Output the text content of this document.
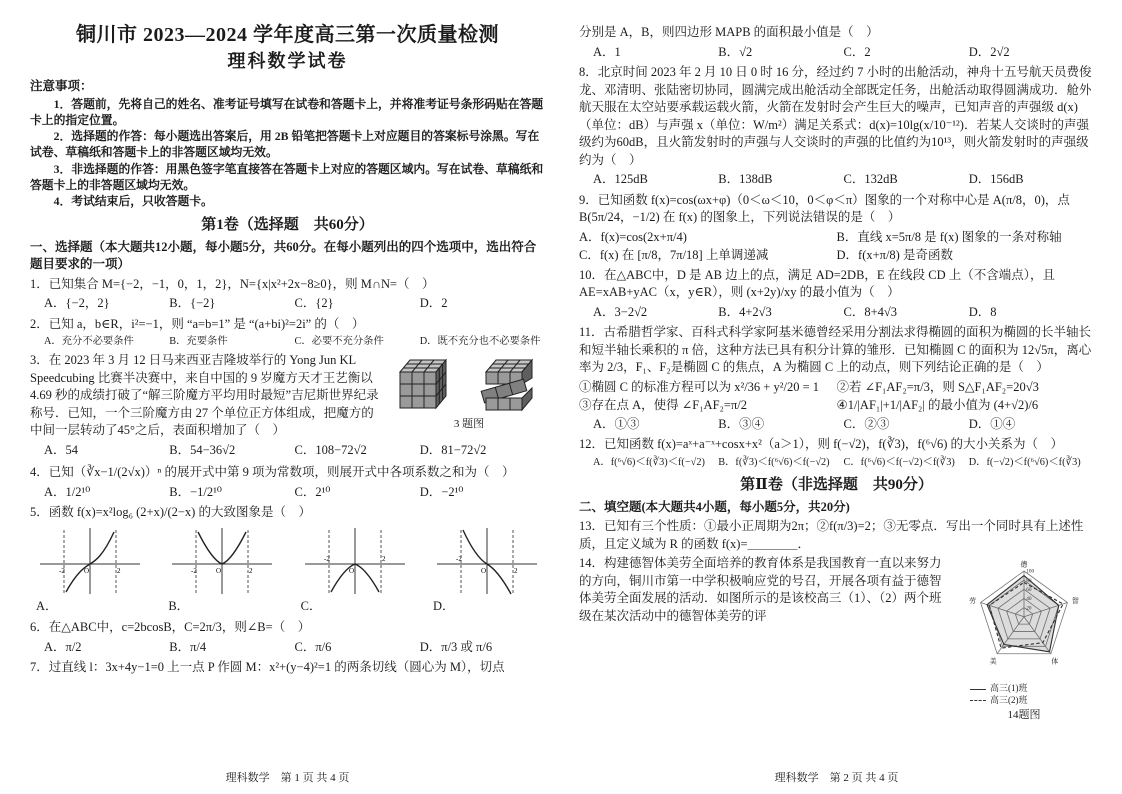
铜川市 2023—2024 学年度高三第一次质量检测
理科数学试卷
注意事项：

1．答题前，先将自己的姓名、准考证号填写在试卷和答题卡上，并将准考证号条形码贴在答题卡上的指定位置。

2．选择题的作答：每小题选出答案后，用 2B 铅笔把答题卡上对应题目的答案标号涂黑。写在试卷、草稿纸和答题卡上的非答题区域均无效。

3．非选择题的作答：用黑色签字笔直接答在答题卡上对应的答题区域内。写在试卷、草稿纸和答题卡上的非答题区域均无效。

4．考试结束后，只收答题卡。

第1卷（选择题　共60分）

一、选择题（本大题共12小题，每小题5分，共60分。在每小题列出的四个选项中，选出符合题目要求的一项）

1．已知集合 M={−2，−1，0，1，2}，N={x|x²+2x−8≥0}，则 M∩N=（　）

A．{−2，2}	B．{−2}	C．{2}	D．2

2．已知 a，b∈R，i²=−1，则 “a=b=1” 是 “(a+bi)²=2i” 的（　）

A．充分不必要条件	B．充要条件	C．必要不充分条件	D．既不充分也不必要条件
3 题图

3．在 2023 年 3 月 12 日马来西亚吉隆坡举行的 Yong Jun KL Speedcubing 比赛半决赛中，来自中国的 9 岁魔方天才王艺衡以 4.69 秒的成绩打破了“解三阶魔方平均用时最短”吉尼斯世界纪录称号．已知，一个三阶魔方由 27 个单位正方体组成，把魔方的中间一层转动了45°之后，表面积增加了（　）

A．54	B．54−36√2	C．108−72√2	D．81−72√2

4．已知（∛x−1/(2√x)）ⁿ 的展开式中第 9 项为常数项，则展开式中各项系数之和为（　）

A．1/2¹⁰	B．−1/2¹⁰	C．2¹⁰	D．−2¹⁰

5．函数 f(x)=x²log₆ (2+x)/(2−x) 的大致图象是（　）

-2	O	2
A．
-2	O	2
B．
-2
O
2
C．
-2
O	2
D．

6．在△ABC中，c=2bcosB，C=2π/3，则∠B=（　）

A．π/2	B．π/4	C．π/6	D．π/3 或 π/6

7．过直线 l：3x+4y−1=0 上一点 P 作圆 M：x²+(y−4)²=1 的两条切线（圆心为 M），切点

理科数学　第 1 页 共 4 页

分别是 A，B，则四边形 MAPB 的面积最小值是（　）

A．1	B．√2	C．2	D．2√2

8．北京时间 2023 年 2 月 10 日 0 时 16 分，经过约 7 小时的出舱活动，神舟十五号航天员费俊龙、邓清明、张陆密切协同，圆满完成出舱活动全部既定任务，出舱活动取得圆满成功．舱外航天服在太空站要承载运载火箭，火箭在发射时会产生巨大的噪声，已知声音的声强级 d(x)（单位：dB）与声强 x（单位：W/m²）满足关系式：d(x)=10lg(x/10⁻¹²)．若某人交谈时的声强级约为60dB，且火箭发射时的声强与人交谈时的声强的比值约为10¹³，则火箭发射时的声强级约为（　）

A．125dB	B．138dB	C．132dB	D．156dB

9．已知函数 f(x)=cos(ωx+φ)（0＜ω＜10，0＜φ＜π）图象的一个对称中心是 A(π/8，0)，点 B(5π/24，−1/2) 在 f(x) 的图象上，下列说法错误的是（　）

A．f(x)=cos(2x+π/4)	B．直线 x=5π/8 是 f(x) 图象的一条对称轴
C．f(x) 在 [π/8，7π/18] 上单调递减	D．f(x+π/8) 是奇函数

10．在△ABC中，D 是 AB 边上的点，满足 AD=2DB，E 在线段 CD 上（不含端点），且 AE=xAB+yAC（x，y∈R），则 (x+2y)/xy 的最小值为（　）

A．3−2√2	B．4+2√3	C．8+4√3	D．8

11．古希腊哲学家、百科式科学家阿基米德曾经采用分割法求得椭圆的面积为椭圆的长半轴长和短半轴长乘积的 π 倍，这种方法已具有积分计算的雏形．已知椭圆 C 的面积为 12√5π，离心率为 2/3，F₁、F₂是椭圆 C 的焦点，A 为椭圆 C 上的动点，则下列结论正确的是（　）

①椭圆 C 的标准方程可以为 x²/36 + y²/20 = 1	②若 ∠F₁AF₂=π/3，则 S△F₁AF₂=20√3
③存在点 A，使得 ∠F₁AF₂=π/2	④1/|AF₁|+1/|AF₂| 的最小值为 (4+√2)/6
A．①③	B．③④	C．②③	D．①④

12．已知函数 f(x)=aˣ+a⁻ˣ+cosx+x²（a＞1），则 f(−√2)，f(∛3)，f(⁶√6) 的大小关系为（　）

A．f(⁶√6)＜f(∛3)＜f(−√2)	B．f(∛3)＜f(⁶√6)＜f(−√2)	C．f(⁶√6)＜f(−√2)＜f(∛3)	D．f(−√2)＜f(⁶√6)＜f(∛3)
第Ⅱ卷（非选择题　共90分）

二、填空题(本大题共4小题，每小题5分，共20分)

13．已知有三个性质：①最小正周期为2π；②f(π/3)=2；③无零点．写出一个同时具有上述性质，且定义域为 R 的函数 f(x)=＿＿＿＿．

德
智
体
美
劳
20
40
60
80
100
高三(1)班
高三(2)班
14题图

14．构建德智体美劳全面培养的教育体系是我国教育一直以来努力的方向，铜川市第一中学积极响应党的号召，开展各项有益于德智体美劳全面发展的活动．如图所示的是该校高三（1）、（2）两个班级在某次活动中的德智体美劳的评

理科数学　第 2 页 共 4 页
